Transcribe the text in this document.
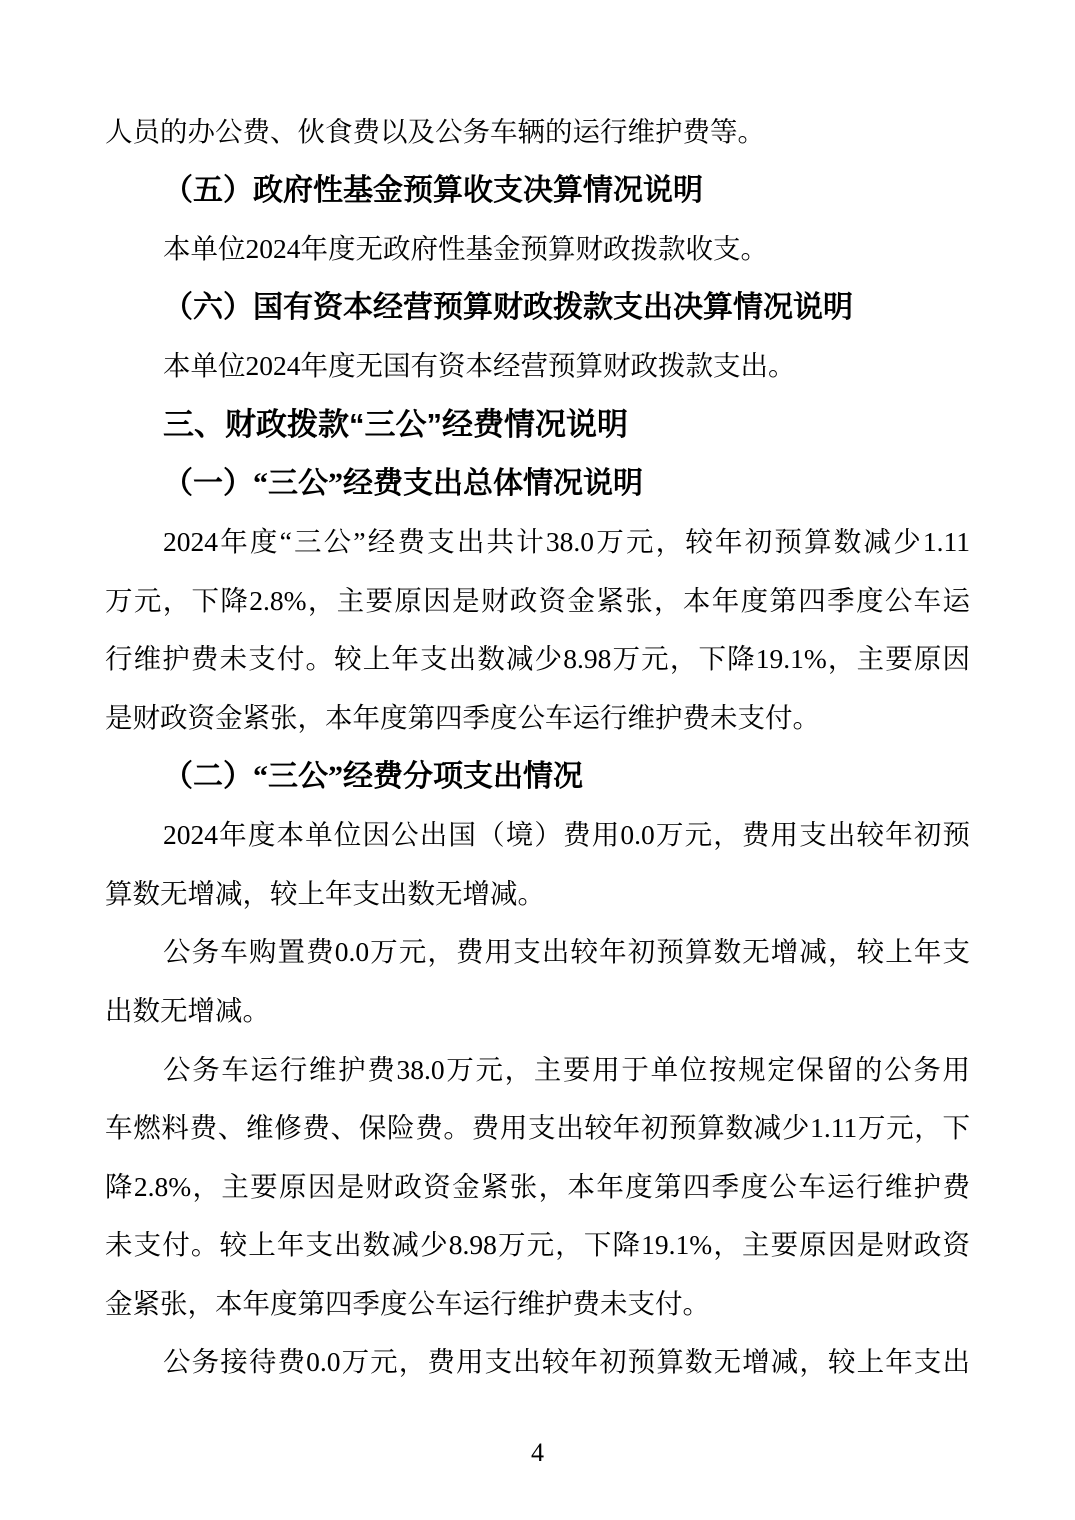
人员的办公费、伙食费以及公务车辆的运行维护费等。
（五）政府性基金预算收支决算情况说明
本单位2024年度无政府性基金预算财政拨款收支。
（六）国有资本经营预算财政拨款支出决算情况说明
本单位2024年度无国有资本经营预算财政拨款支出。
三、财政拨款“三公”经费情况说明
（一）“三公”经费支出总体情况说明
2024年度“三公”经费支出共计38.0万元，较年初预算数减少1.11
万元，下降2.8%，主要原因是财政资金紧张，本年度第四季度公车运
行维护费未支付。较上年支出数减少8.98万元，下降19.1%，主要原因
是财政资金紧张，本年度第四季度公车运行维护费未支付。
（二）“三公”经费分项支出情况
2024年度本单位因公出国（境）费用0.0万元，费用支出较年初预
算数无增减，较上年支出数无增减。
公务车购置费0.0万元，费用支出较年初预算数无增减，较上年支
出数无增减。
公务车运行维护费38.0万元，主要用于单位按规定保留的公务用
车燃料费、维修费、保险费。费用支出较年初预算数减少1.11万元，下
降2.8%，主要原因是财政资金紧张，本年度第四季度公车运行维护费
未支付。较上年支出数减少8.98万元，下降19.1%，主要原因是财政资
金紧张，本年度第四季度公车运行维护费未支付。
公务接待费0.0万元，费用支出较年初预算数无增减，较上年支出
4
